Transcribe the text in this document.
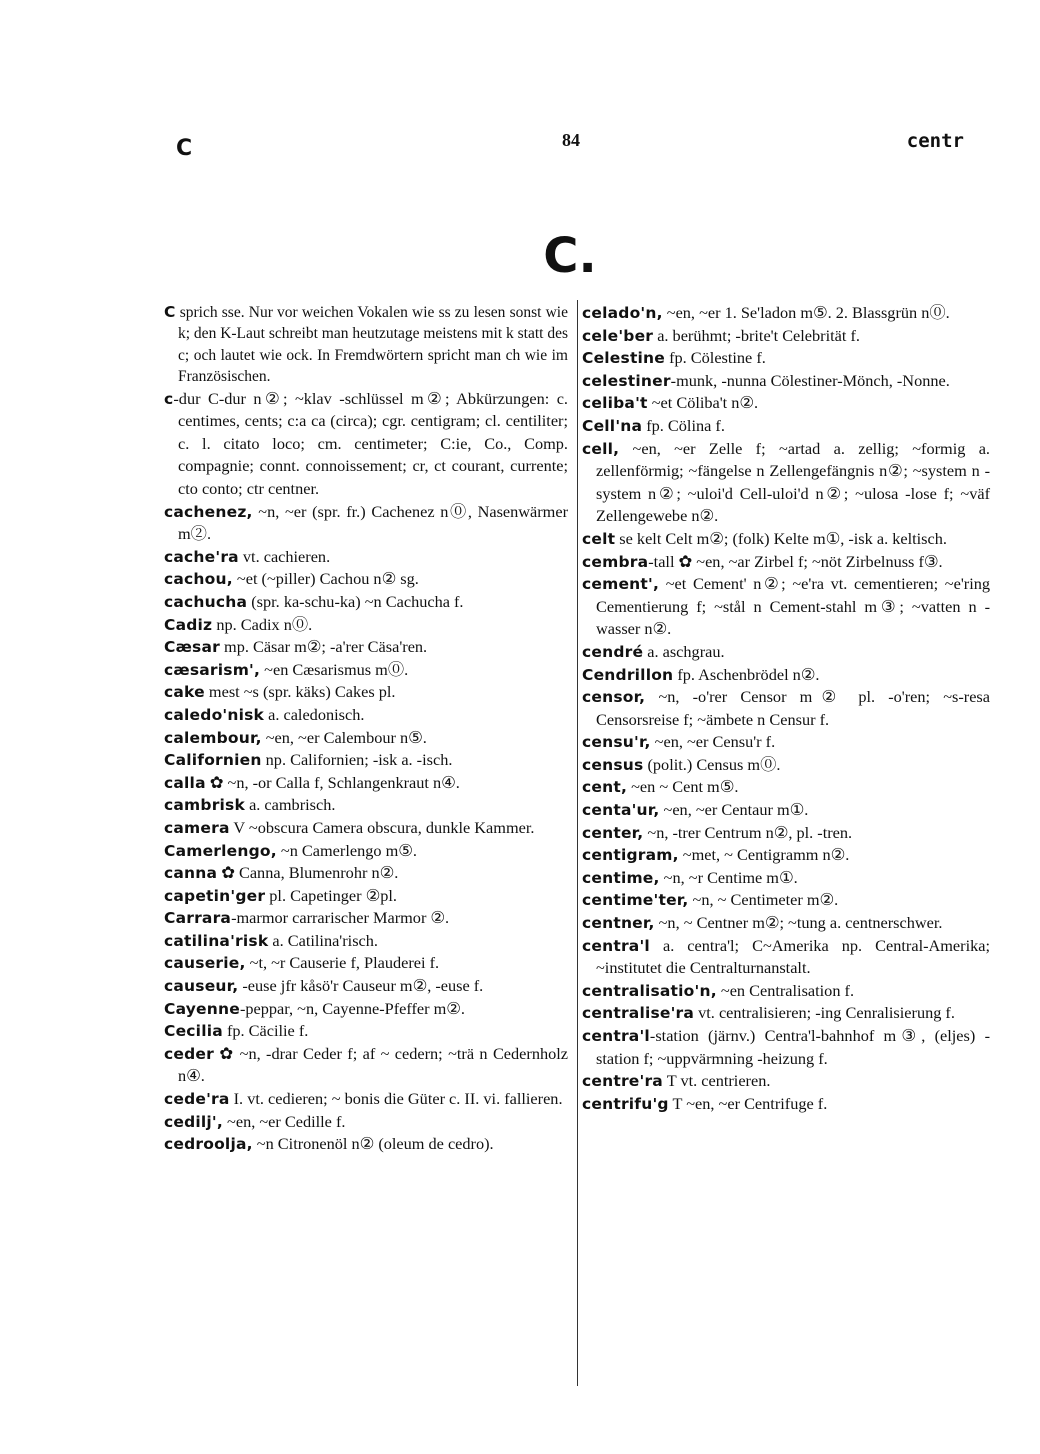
C	84	centr
C.

C sprich sse. Nur vor weichen Vokalen wie ss zu lesen sonst wie k; den K-Laut schreibt man heutzutage meistens mit k statt des c; och lautet wie ock. In Fremdwörtern spricht man ch wie im Französischen.

c-dur C-dur n②; ~klav -schlüssel m②; Abkürzungen: c. centimes, cents; c:a ca (circa); cgr. centigram; cl. centiliter; c. l. citato loco; cm. centimeter; C:ie, Co., Comp. compagnie; connt. connoissement; cr, ct courant, currente; cto conto; ctr centner.

cachenez, ~n, ~er (spr. fr.) Cachenez n⓪, Nasenwärmer m②.

cache'ra vt. cachieren.

cachou, ~et (~piller) Cachou n② sg.

cachucha (spr. ka-schu-ka) ~n Cachucha f.

Cadiz np. Cadix n⓪.

Cæsar mp. Cäsar m②; -a'rer Cäsa'ren.

cæsarism', ~en Cæsarismus m⓪.

cake mest ~s (spr. käks) Cakes pl.

caledo'nisk a. caledonisch.

calembour, ~en, ~er Calembour n⑤.

Californien np. Californien; -isk a. -isch.

calla ✿ ~n, -or Calla f, Schlangenkraut n④.

cambrisk a. cambrisch.

camera V ~obscura Camera obscura, dunkle Kammer.

Camerlengo, ~n Camerlengo m⑤.

canna ✿ Canna, Blumenrohr n②.

capetin'ger pl. Capetinger ②pl.

Carrara-marmor carrarischer Marmor ②.

catilina'risk a. Catilina'risch.

causerie, ~t, ~r Causerie f, Plauderei f.

causeur, -euse jfr kåsö'r Causeur m②, -euse f.

Cayenne-peppar, ~n, Cayenne-Pfeffer m②.

Cecilia fp. Cäcilie f.

ceder ✿ ~n, -drar Ceder f; af ~ cedern; ~trä n Cedernholz n④.

cede'ra I. vt. cedieren; ~ bonis die Güter c. II. vi. fallieren.

cedilj', ~en, ~er Cedille f.

cedroolja, ~n Citronenöl n② (oleum de cedro).

celado'n, ~en, ~er 1. Se'ladon m⑤. 2. Blassgrün n⓪.

cele'ber a. berühmt; -brite't Celebrität f.

Celestine fp. Cölestine f.

celestiner-munk, -nunna Cölestiner-Mönch, -Nonne.

celiba't ~et Cöliba't n②.

Cell'na fp. Cölina f.

cell, ~en, ~er Zelle f; ~artad a. zellig; ~formig a. zellenförmig; ~fängelse n Zellengefängnis n②; ~system n -system n②; ~uloi'd Cell-uloi'd n②; ~ulosa -lose f; ~väf Zellengewebe n②.

celt se kelt Celt m②; (folk) Kelte m①, -isk a. keltisch.

cembra-tall ✿ ~en, ~ar Zirbel f; ~nöt Zirbelnuss f③.

cement', ~et Cement' n②; ~e'ra vt. cementieren; ~e'ring Cementierung f; ~stål n Cement-stahl m③; ~vatten n -wasser n②.

cendré a. aschgrau.

Cendrillon fp. Aschenbrödel n②.

censor, ~n, -o'rer Censor m② pl. -o'ren; ~s-resa Censorsreise f; ~ämbete n Censur f.

censu'r, ~en, ~er Censu'r f.

census (polit.) Census m⓪.

cent, ~en ~ Cent m⑤.

centa'ur, ~en, ~er Centaur m①.

center, ~n, -trer Centrum n②, pl. -tren.

centigram, ~met, ~ Centigramm n②.

centime, ~n, ~r Centime m①.

centime'ter, ~n, ~ Centimeter m②.

centner, ~n, ~ Centner m②; ~tung a. centnerschwer.

centra'l a. centra'l; C~Amerika np. Central-Amerika; ~institutet die Centralturnanstalt.

centralisatio'n, ~en Centralisation f.

centralise'ra vt. centralisieren; -ing Cenralisierung f.

centra'l-station (järnv.) Centra'l-bahnhof m③, (eljes) -station f; ~uppvärmning -heizung f.

centre'ra T vt. centrieren.

centrifu'g T ~en, ~er Centrifuge f.
